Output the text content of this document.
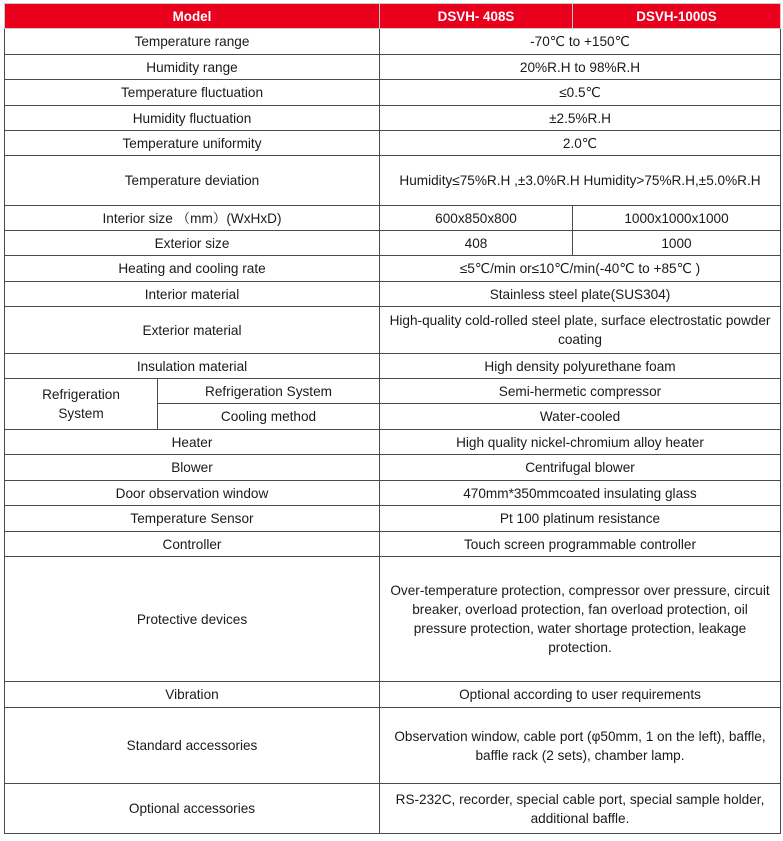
Model		DSVH- 408S	DSVH-1000S
Temperature range		-70℃ to +150℃	
Humidity range		20%R.H to 98%R.H	
Temperature fluctuation		≤0.5℃	
Humidity fluctuation		±2.5%R.H	
Temperature uniformity		2.0℃	
Temperature deviation		Humidity≤75%R.H ,±3.0%R.H Humidity>75%R.H,±5.0%R.H	
Interior size （mm）(WxHxD)		600x850x800	1000x1000x1000
Exterior size		408	1000
Heating and cooling rate		≤5℃/min or≤10℃/min(-40℃ to +85℃ )	
Interior material		Stainless steel plate(SUS304)	
Exterior material		High-quality cold-rolled steel plate, surface electrostatic powder coating	
Insulation material		High density polyurethane foam	
Refrigeration System	Refrigeration System	Semi-hermetic compressor	
	Cooling method	Water-cooled	
Heater		High quality nickel-chromium alloy heater	
Blower		Centrifugal blower	
Door observation window		470mm*350mmcoated insulating glass	
Temperature Sensor		Pt 100 platinum resistance	
Controller		Touch screen programmable controller	
Protective devices		Over-temperature protection, compressor over pressure, circuit breaker, overload protection, fan overload protection, oil pressure protection, water shortage protection, leakage protection.	
Vibration		Optional according to user requirements	
Standard accessories		Observation window, cable port (φ50mm, 1 on the left), baffle, baffle rack (2 sets), chamber lamp.	
Optional accessories		RS-232C, recorder, special cable port, special sample holder, additional baffle.	
